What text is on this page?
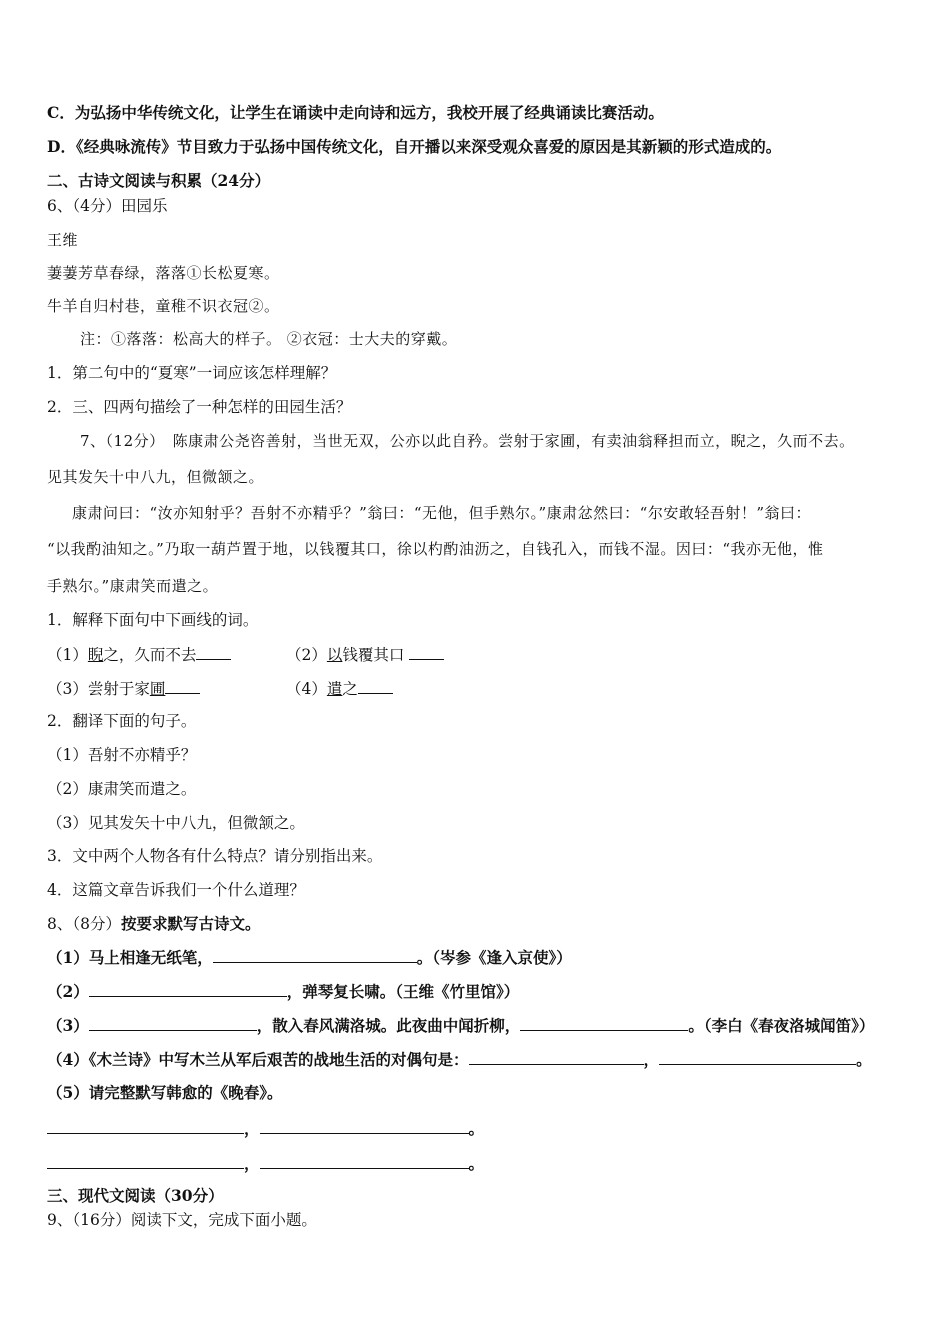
C．为弘扬中华传统文化，让学生在诵读中走向诗和远方，我校开展了经典诵读比赛活动。
D．《经典咏流传》节目致力于弘扬中国传统文化，自开播以来深受观众喜爱的原因是其新颖的形式造成的。
二、古诗文阅读与积累（24分）
6、（4分）田园乐
王维
萋萋芳草春绿，落落①长松夏寒。
牛羊自归村巷，童稚不识衣冠②。
注：①落落：松高大的样子。 ②衣冠：士大夫的穿戴。
1．第二句中的“夏寒”一词应该怎样理解？
2．三、四两句描绘了一种怎样的田园生活？
7、（12分）　陈康肃公尧咨善射，当世无双，公亦以此自矜。尝射于家圃，有卖油翁释担而立，睨之，久而不去。
见其发矢十中八九，但微颔之。
康肃问曰：“汝亦知射乎？吾射不亦精乎？”翁曰：“无他，但手熟尔。”康肃忿然曰：“尔安敢轻吾射！”翁曰：
“以我酌油知之。”乃取一葫芦置于地，以钱覆其口，徐以杓酌油沥之，自钱孔入，而钱不湿。因曰：“我亦无他，惟
手熟尔。”康肃笑而遣之。
1．解释下面句中下画线的词。
（1）睨之，久而不去	（2）以钱覆其口
（3）尝射于家圃	（4）遣之
2．翻译下面的句子。
（1）吾射不亦精乎？
（2）康肃笑而遣之。
（3）见其发矢十中八九，但微颔之。
3．文中两个人物各有什么特点？请分别指出来。
4．这篇文章告诉我们一个什么道理？
8、（8分）按要求默写古诗文。
（1）马上相逢无纸笔，	。（岑参《逢入京使》）
（2）	，弹琴复长啸。（王维《竹里馆》）
（3）	，散入春风满洛城。此夜曲中闻折柳，	。（李白《春夜洛城闻笛》）
（4）《木兰诗》中写木兰从军后艰苦的战地生活的对偶句是：	，	。
（5）请完整默写韩愈的《晚春》。
，	。
，	。
三、现代文阅读（30分）
9、（16分）阅读下文，完成下面小题。
